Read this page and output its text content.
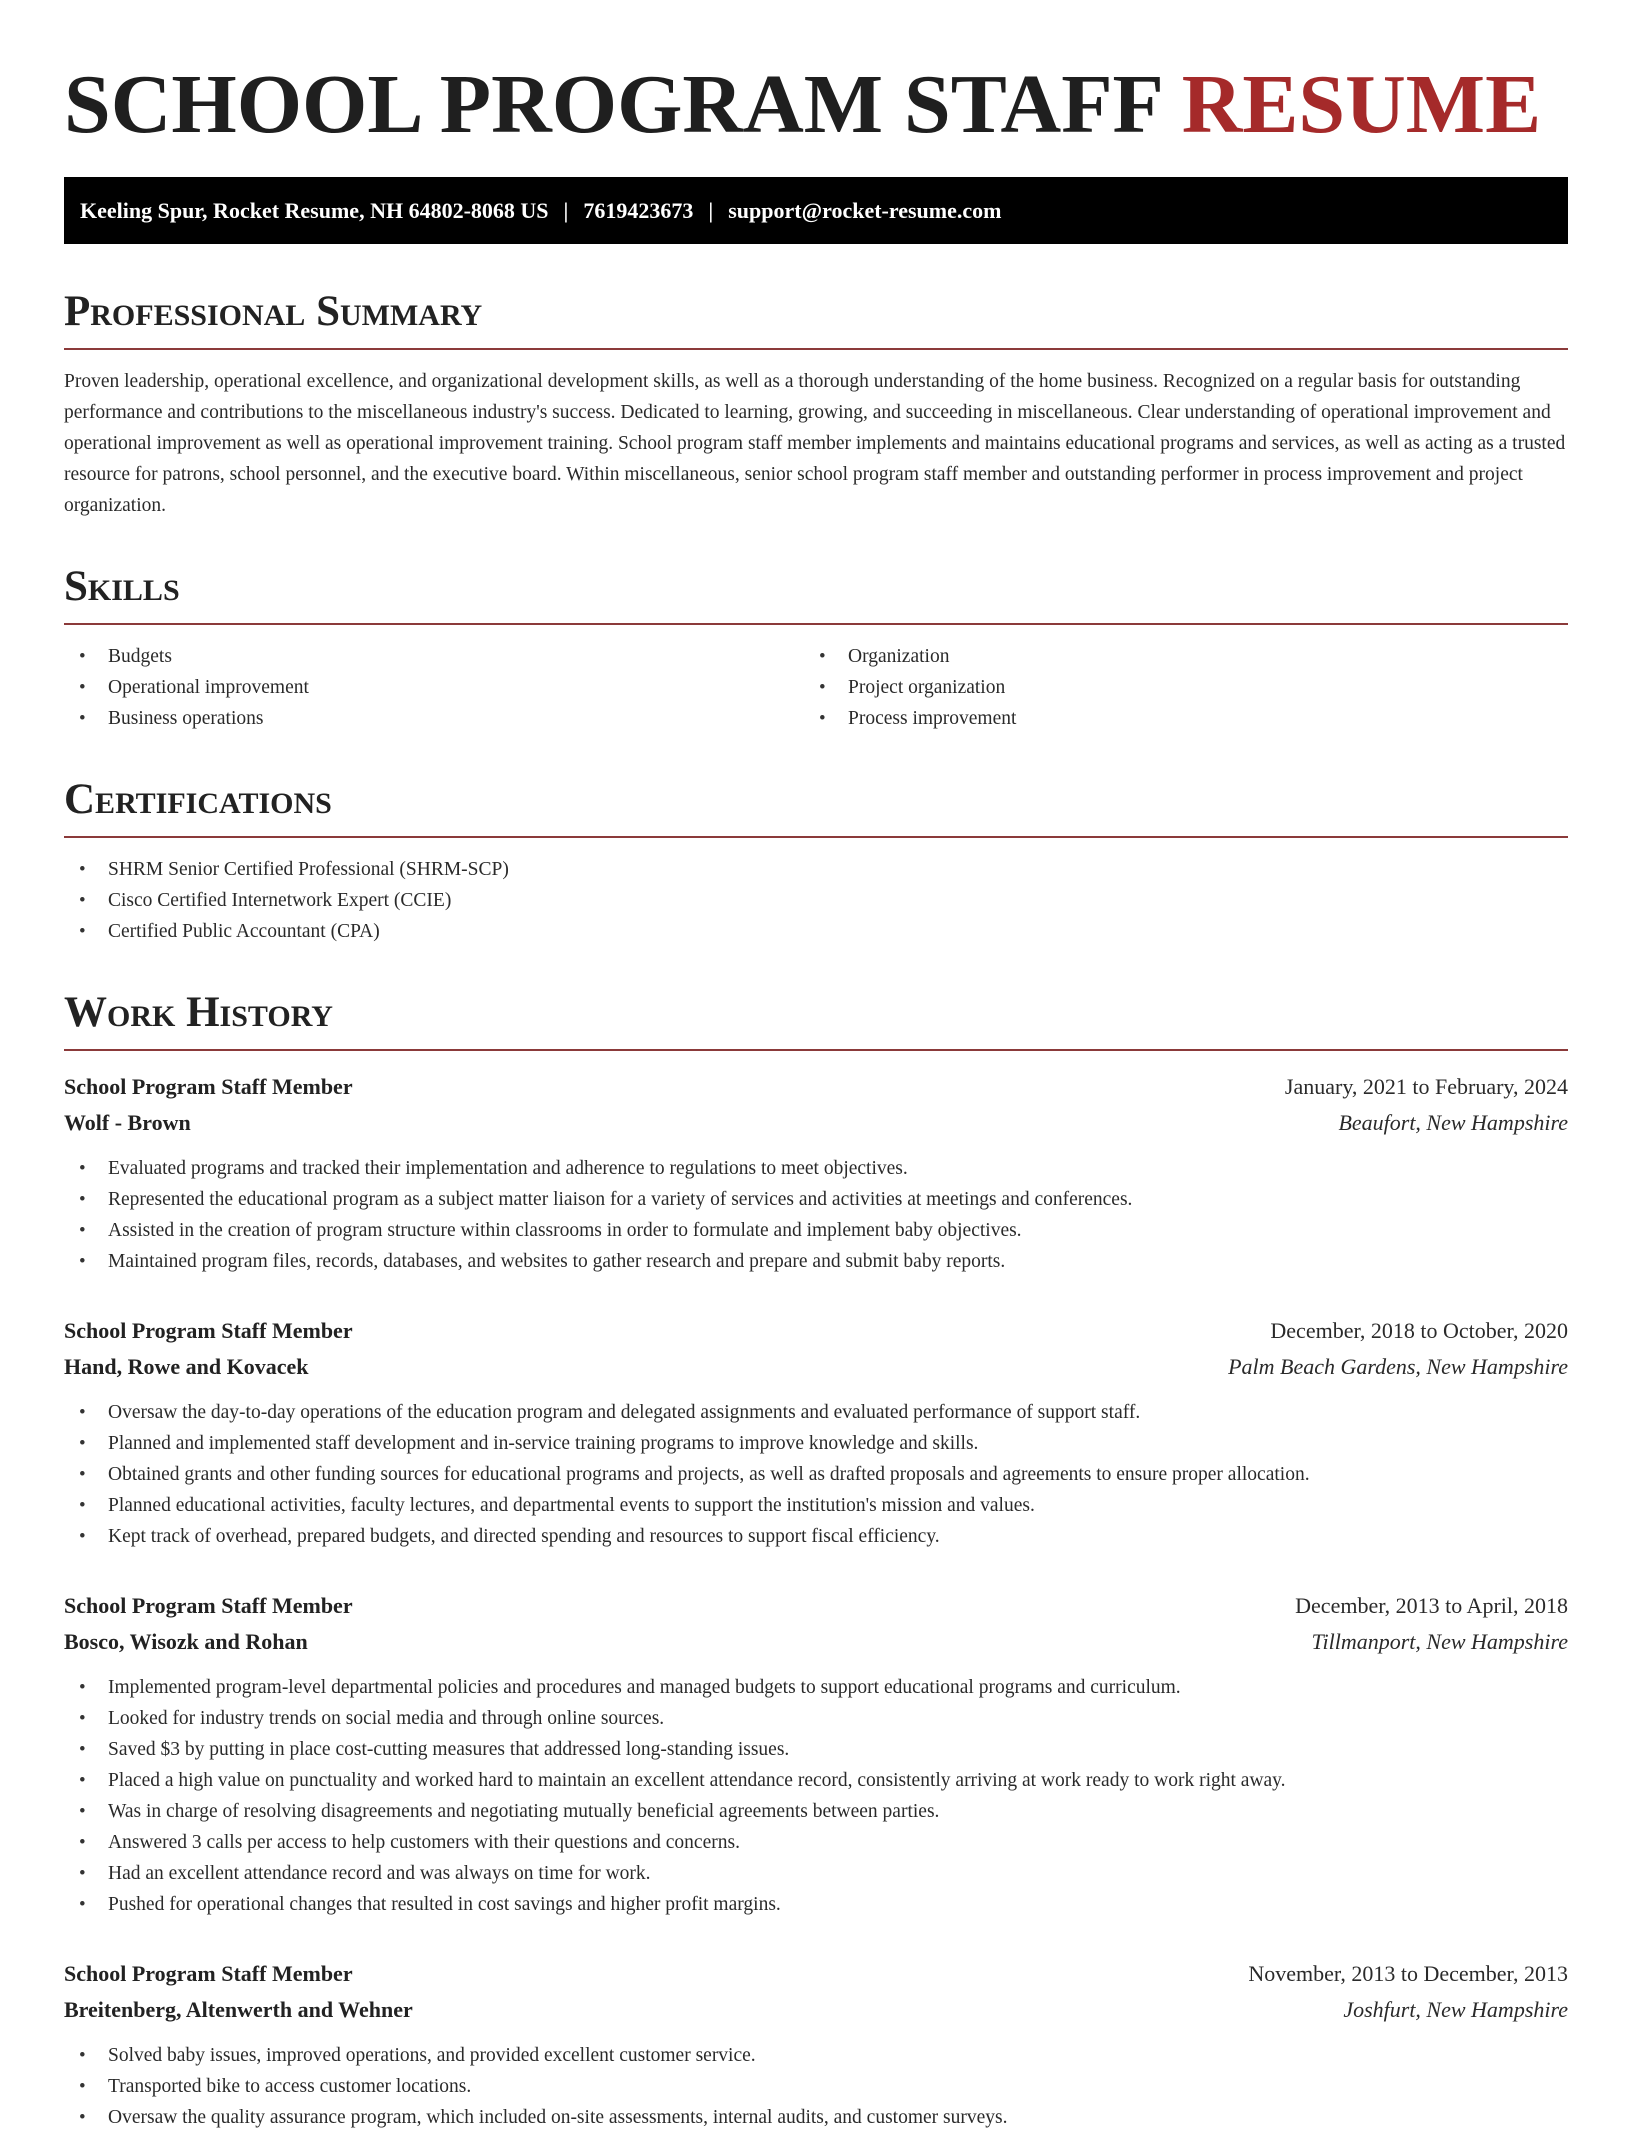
SCHOOL PROGRAM STAFF RESUME
Keeling Spur, Rocket Resume, NH 64802-8068 US | 7619423673 | support@rocket-resume.com
Professional Summary

Proven leadership, operational excellence, and organizational development skills, as well as a thorough understanding of the home business. Recognized on a regular basis for outstanding performance and contributions to the miscellaneous industry's success. Dedicated to learning, growing, and succeeding in miscellaneous. Clear understanding of operational improvement and operational improvement as well as operational improvement training. School program staff member implements and maintains educational programs and services, as well as acting as a trusted resource for patrons, school personnel, and the executive board. Within miscellaneous, senior school program staff member and outstanding performer in process improvement and project organization.

Skills
• Budgets
• Operational improvement
• Business operations
• Organization
• Project organization
• Process improvement
Certifications
• SHRM Senior Certified Professional (SHRM-SCP)
• Cisco Certified Internetwork Expert (CCIE)
• Certified Public Accountant (CPA)
Work History
School Program Staff Member	January, 2021 to February, 2024
Wolf - Brown	Beaufort, New Hampshire
• Evaluated programs and tracked their implementation and adherence to regulations to meet objectives.
• Represented the educational program as a subject matter liaison for a variety of services and activities at meetings and conferences.
• Assisted in the creation of program structure within classrooms in order to formulate and implement baby objectives.
• Maintained program files, records, databases, and websites to gather research and prepare and submit baby reports.
School Program Staff Member	December, 2018 to October, 2020
Hand, Rowe and Kovacek	Palm Beach Gardens, New Hampshire
• Oversaw the day-to-day operations of the education program and delegated assignments and evaluated performance of support staff.
• Planned and implemented staff development and in-service training programs to improve knowledge and skills.
• Obtained grants and other funding sources for educational programs and projects, as well as drafted proposals and agreements to ensure proper allocation.
• Planned educational activities, faculty lectures, and departmental events to support the institution's mission and values.
• Kept track of overhead, prepared budgets, and directed spending and resources to support fiscal efficiency.
School Program Staff Member	December, 2013 to April, 2018
Bosco, Wisozk and Rohan	Tillmanport, New Hampshire
• Implemented program-level departmental policies and procedures and managed budgets to support educational programs and curriculum.
• Looked for industry trends on social media and through online sources.
• Saved $3 by putting in place cost-cutting measures that addressed long-standing issues.
• Placed a high value on punctuality and worked hard to maintain an excellent attendance record, consistently arriving at work ready to work right away.
• Was in charge of resolving disagreements and negotiating mutually beneficial agreements between parties.
• Answered 3 calls per access to help customers with their questions and concerns.
• Had an excellent attendance record and was always on time for work.
• Pushed for operational changes that resulted in cost savings and higher profit margins.
School Program Staff Member	November, 2013 to December, 2013
Breitenberg, Altenwerth and Wehner	Joshfurt, New Hampshire
• Solved baby issues, improved operations, and provided excellent customer service.
• Transported bike to access customer locations.
• Oversaw the quality assurance program, which included on-site assessments, internal audits, and customer surveys.
